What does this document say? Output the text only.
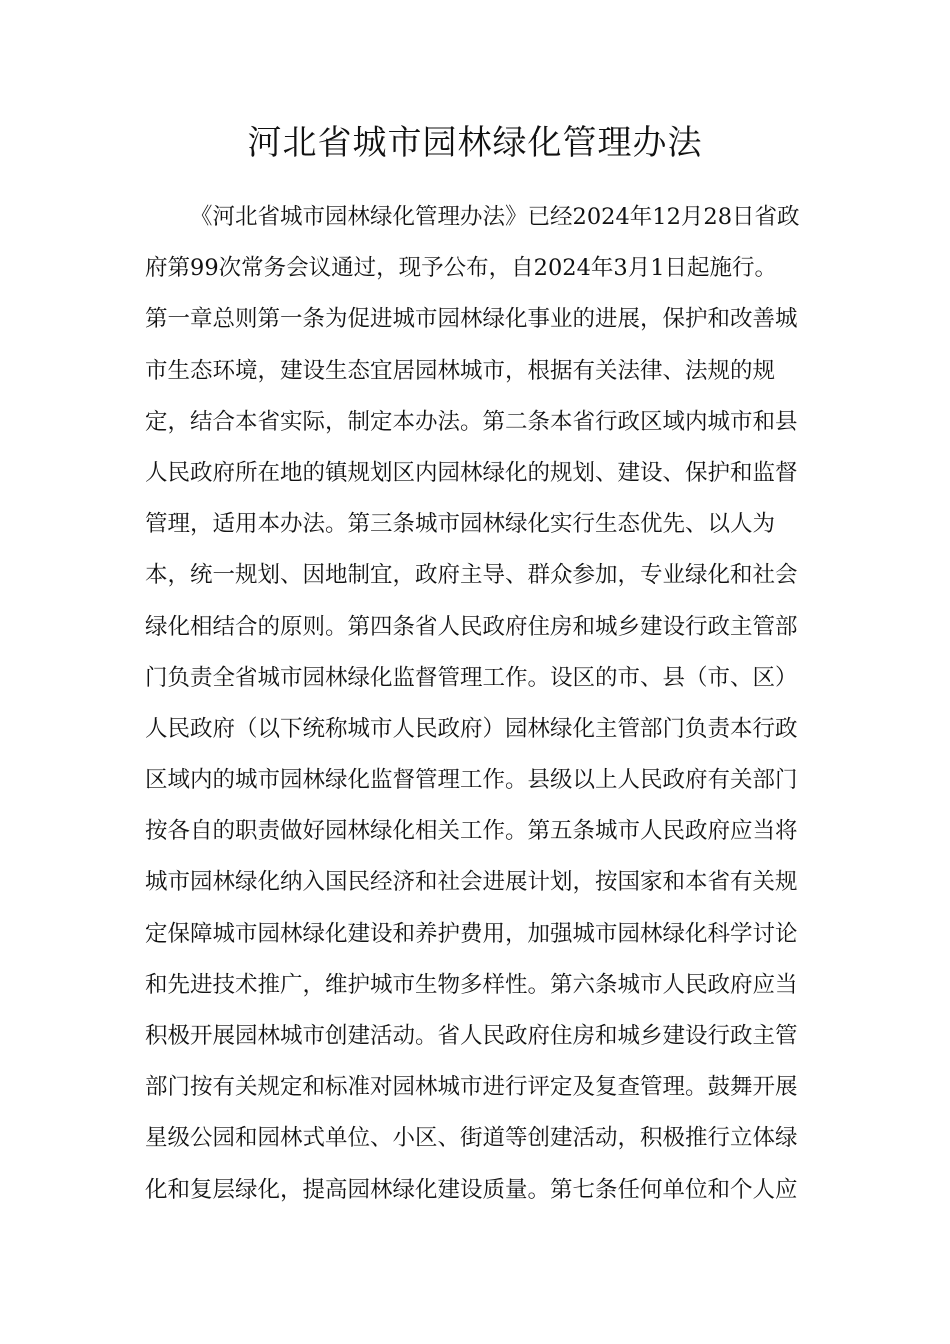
河北省城市园林绿化管理办法
《河北省城市园林绿化管理办法》已经2024年12月28日省政
府第99次常务会议通过，现予公布，自2024年3月1日起施行。
第一章总则第一条为促进城市园林绿化事业的进展，保护和改善城
市生态环境，建设生态宜居园林城市，根据有关法律、法规的规
定，结合本省实际，制定本办法。第二条本省行政区域内城市和县
人民政府所在地的镇规划区内园林绿化的规划、建设、保护和监督
管理，适用本办法。第三条城市园林绿化实行生态优先、以人为
本，统一规划、因地制宜，政府主导、群众参加，专业绿化和社会
绿化相结合的原则。第四条省人民政府住房和城乡建设行政主管部
门负责全省城市园林绿化监督管理工作。设区的市、县（市、区）
人民政府（以下统称城市人民政府）园林绿化主管部门负责本行政
区域内的城市园林绿化监督管理工作。县级以上人民政府有关部门
按各自的职责做好园林绿化相关工作。第五条城市人民政府应当将
城市园林绿化纳入国民经济和社会进展计划，按国家和本省有关规
定保障城市园林绿化建设和养护费用，加强城市园林绿化科学讨论
和先进技术推广，维护城市生物多样性。第六条城市人民政府应当
积极开展园林城市创建活动。省人民政府住房和城乡建设行政主管
部门按有关规定和标准对园林城市进行评定及复查管理。鼓舞开展
星级公园和园林式单位、小区、街道等创建活动，积极推行立体绿
化和复层绿化，提高园林绿化建设质量。第七条任何单位和个人应
